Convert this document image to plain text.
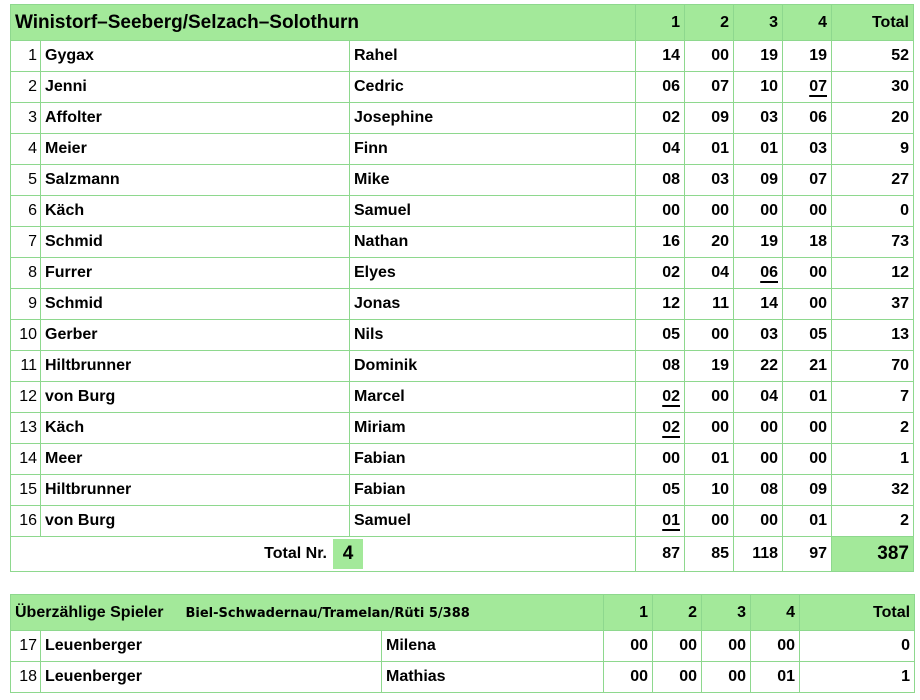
Winistorf–Seeberg/Selzach–Solothurn			1	2	3	4	Total
1	Gygax	Rahel	14	00	19	19	52
2	Jenni	Cedric	06	07	10	07	30
3	Affolter	Josephine	02	09	03	06	20
4	Meier	Finn	04	01	01	03	9
5	Salzmann	Mike	08	03	09	07	27
6	Käch	Samuel	00	00	00	00	0
7	Schmid	Nathan	16	20	19	18	73
8	Furrer	Elyes	02	04	06	00	12
9	Schmid	Jonas	12	11	14	00	37
10	Gerber	Nils	05	00	03	05	13
11	Hiltbrunner	Dominik	08	19	22	21	70
12	von Burg	Marcel	02	00	04	01	7
13	Käch	Miriam	02	00	00	00	2
14	Meer	Fabian	00	01	00	00	1
15	Hiltbrunner	Fabian	05	10	08	09	32
16	von Burg	Samuel	01	00	00	01	2
Total Nr. 4			87	85	118	97	387
Überzählige Spieler Biel-Schwadernau/Tramelan/Rüti 5/388			1	2	3	4	Total
17	Leuenberger	Milena	00	00	00	00	0
18	Leuenberger	Mathias	00	00	00	01	1
